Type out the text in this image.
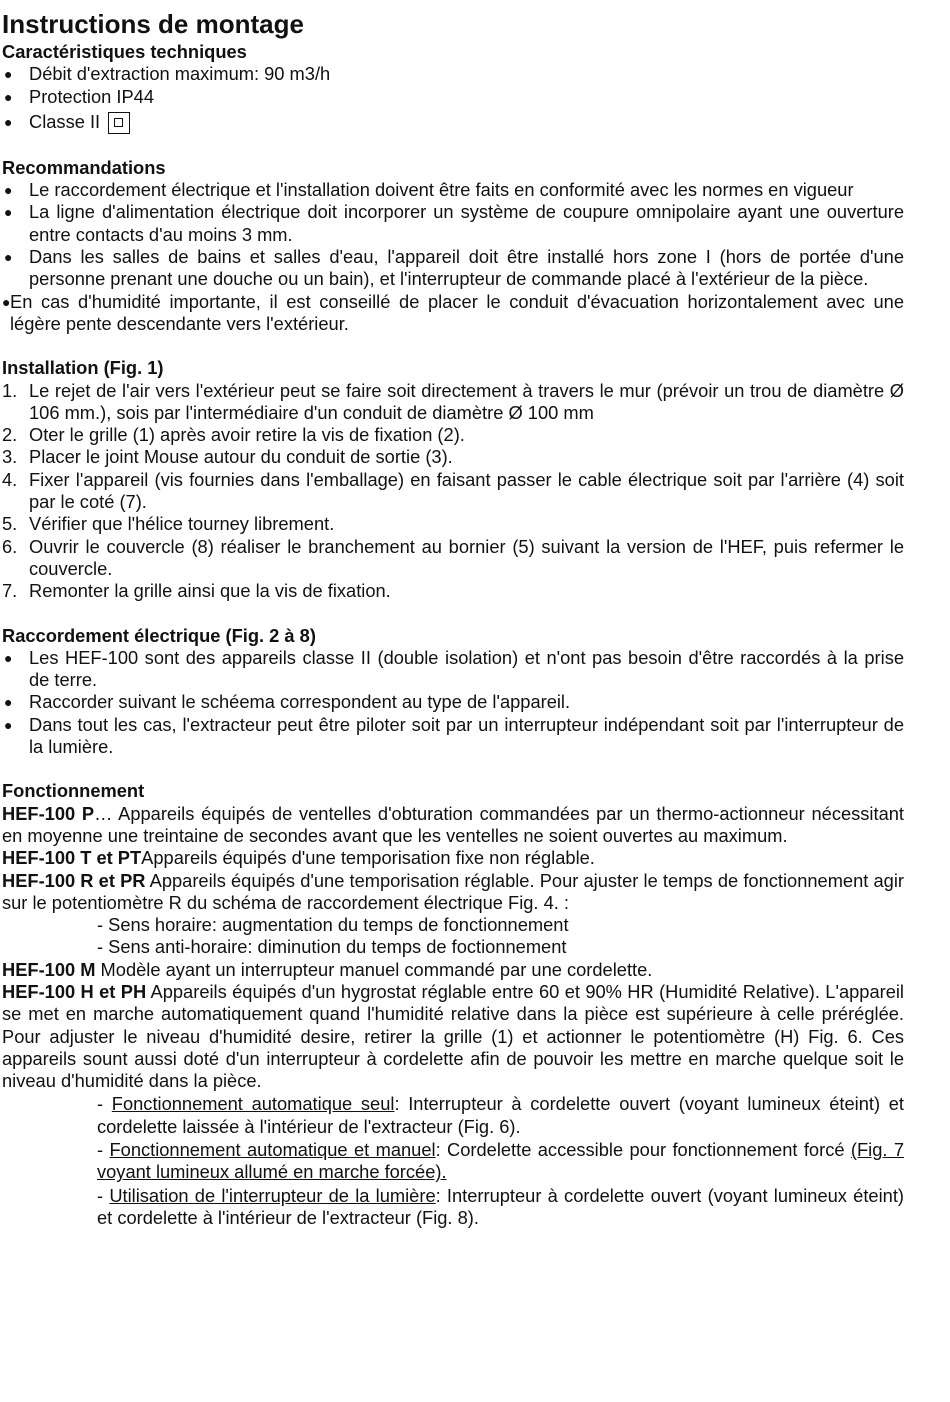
Instructions de montage
Caractéristiques techniques
● Débit d'extraction maximum: 90 m3/h
● Protection IP44
● Classe II
Recommandations
● Le raccordement électrique et l'installation doivent être faits en conformité avec les normes en vigueur
● La ligne d'alimentation électrique doit incorporer un système de coupure omnipolaire ayant une ouverture entre contacts d'au moins 3 mm.
● Dans les salles de bains et salles d'eau, l'appareil doit être installé hors zone I (hors de portée d'une personne prenant une douche ou un bain), et l'interrupteur de commande placé à l'extérieur de la pièce.
● En cas d'humidité importante, il est conseillé de placer le conduit d'évacuation horizontalement avec une légère pente descendante vers l'extérieur.
Installation (Fig. 1)
1. Le rejet de l'air vers l'extérieur peut se faire soit directement à travers le mur (prévoir un trou de diamètre Ø 106 mm.), sois par l'intermédiaire d'un conduit de diamètre Ø 100 mm
2. Oter le grille (1) après avoir retire la vis de fixation (2).
3. Placer le joint Mouse autour du conduit de sortie (3).
4. Fixer l'appareil (vis fournies dans l'emballage) en faisant passer le cable électrique soit par l'arrière (4) soit par le coté (7).
5. Vérifier que l'hélice tourney librement.
6. Ouvrir le couvercle (8) réaliser le branchement au bornier (5) suivant la version de l'HEF, puis refermer le couvercle.
7. Remonter la grille ainsi que la vis de fixation.
Raccordement électrique (Fig. 2 à 8)
● Les HEF-100 sont des appareils classe II (double isolation) et n'ont pas besoin d'être raccordés à la prise de terre.
● Raccorder suivant le schéema correspondent au type de l'appareil.
● Dans tout les cas, l'extracteur peut être piloter soit par un interrupteur indépendant soit par l'interrupteur de la lumière.
Fonctionnement

HEF-100 P… Appareils équipés de ventelles d'obturation commandées par un thermo-actionneur nécessitant en moyenne une treintaine de secondes avant que les ventelles ne soient ouvertes au maximum.

HEF-100 T et PTAppareils équipés d'une temporisation fixe non réglable.

HEF-100 R et PR Appareils équipés d'une temporisation réglable. Pour ajuster le temps de fonctionnement agir sur le potentiomètre R du schéma de raccordement électrique Fig. 4. :

- Sens horaire: augmentation du temps de fonctionnement
- Sens anti-horaire: diminution du temps de foctionnement

HEF-100 M Modèle ayant un interrupteur manuel commandé par une cordelette.

HEF-100 H et PH Appareils équipés d'un hygrostat réglable entre 60 et 90% HR (Humidité Relative). L'appareil se met en marche automatiquement quand l'humidité relative dans la pièce est supérieure à celle préréglée. Pour adjuster le niveau d'humidité desire, retirer la grille (1) et actionner le potentiomètre (H) Fig. 6. Ces appareils sount aussi doté d'un interrupteur à cordelette afin de pouvoir les mettre en marche quelque soit le niveau d'humidité dans la pièce.

- Fonctionnement automatique seul: Interrupteur à cordelette ouvert (voyant lumineux éteint) et cordelette laissée à l'intérieur de l'extracteur (Fig. 6).
- Fonctionnement automatique et manuel: Cordelette accessible pour fonctionnement forcé (Fig. 7 voyant lumineux allumé en marche forcée).
- Utilisation de l'interrupteur de la lumière: Interrupteur à cordelette ouvert (voyant lumineux éteint) et cordelette à l'intérieur de l'extracteur (Fig. 8).
